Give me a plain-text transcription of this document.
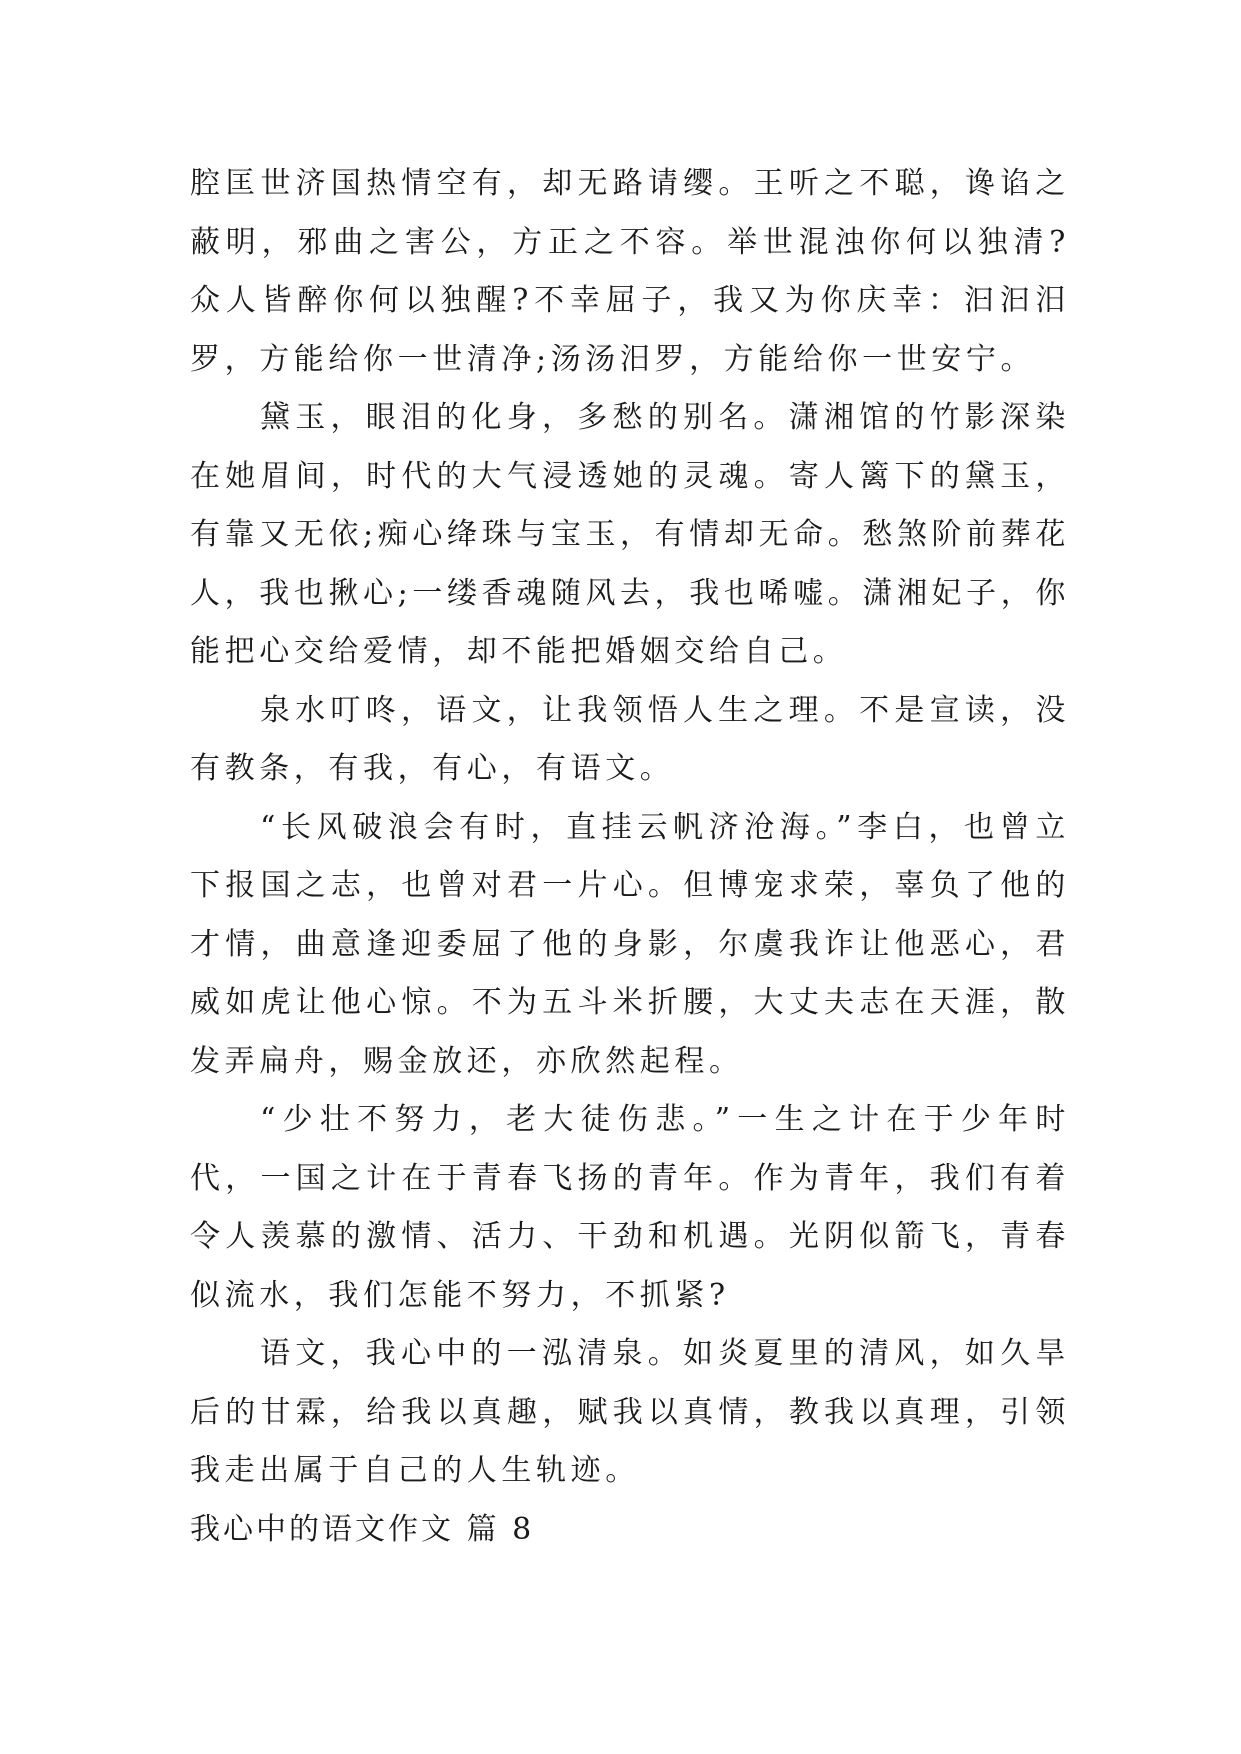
腔匡世济国热情空有，却无路请缨。王听之不聪，谗谄之蔽明，邪曲之害公，方正之不容。举世混浊你何以独清?众人皆醉你何以独醒?不幸屈子，我又为你庆幸：汩汩汨罗，方能给你一世清净;汤汤汨罗，方能给你一世安宁。

黛玉，眼泪的化身，多愁的别名。潇湘馆的竹影深染在她眉间，时代的大气浸透她的灵魂。寄人篱下的黛玉，有靠又无依;痴心绛珠与宝玉，有情却无命。愁煞阶前葬花人，我也揪心;一缕香魂随风去，我也唏嘘。潇湘妃子，你能把心交给爱情，却不能把婚姻交给自己。

泉水叮咚，语文，让我领悟人生之理。不是宣读，没有教条，有我，有心，有语文。

“长风破浪会有时，直挂云帆济沧海。”李白，也曾立下报国之志，也曾对君一片心。但博宠求荣，辜负了他的才情，曲意逢迎委屈了他的身影，尔虞我诈让他恶心，君威如虎让他心惊。不为五斗米折腰，大丈夫志在天涯，散发弄扁舟，赐金放还，亦欣然起程。

“少壮不努力，老大徒伤悲。”一生之计在于少年时代，一国之计在于青春飞扬的青年。作为青年，我们有着令人羡慕的激情、活力、干劲和机遇。光阴似箭飞，青春似流水，我们怎能不努力，不抓紧?

语文，我心中的一泓清泉。如炎夏里的清风，如久旱后的甘霖，给我以真趣，赋我以真情，教我以真理，引领我走出属于自己的人生轨迹。

我心中的语文作文 篇 8
